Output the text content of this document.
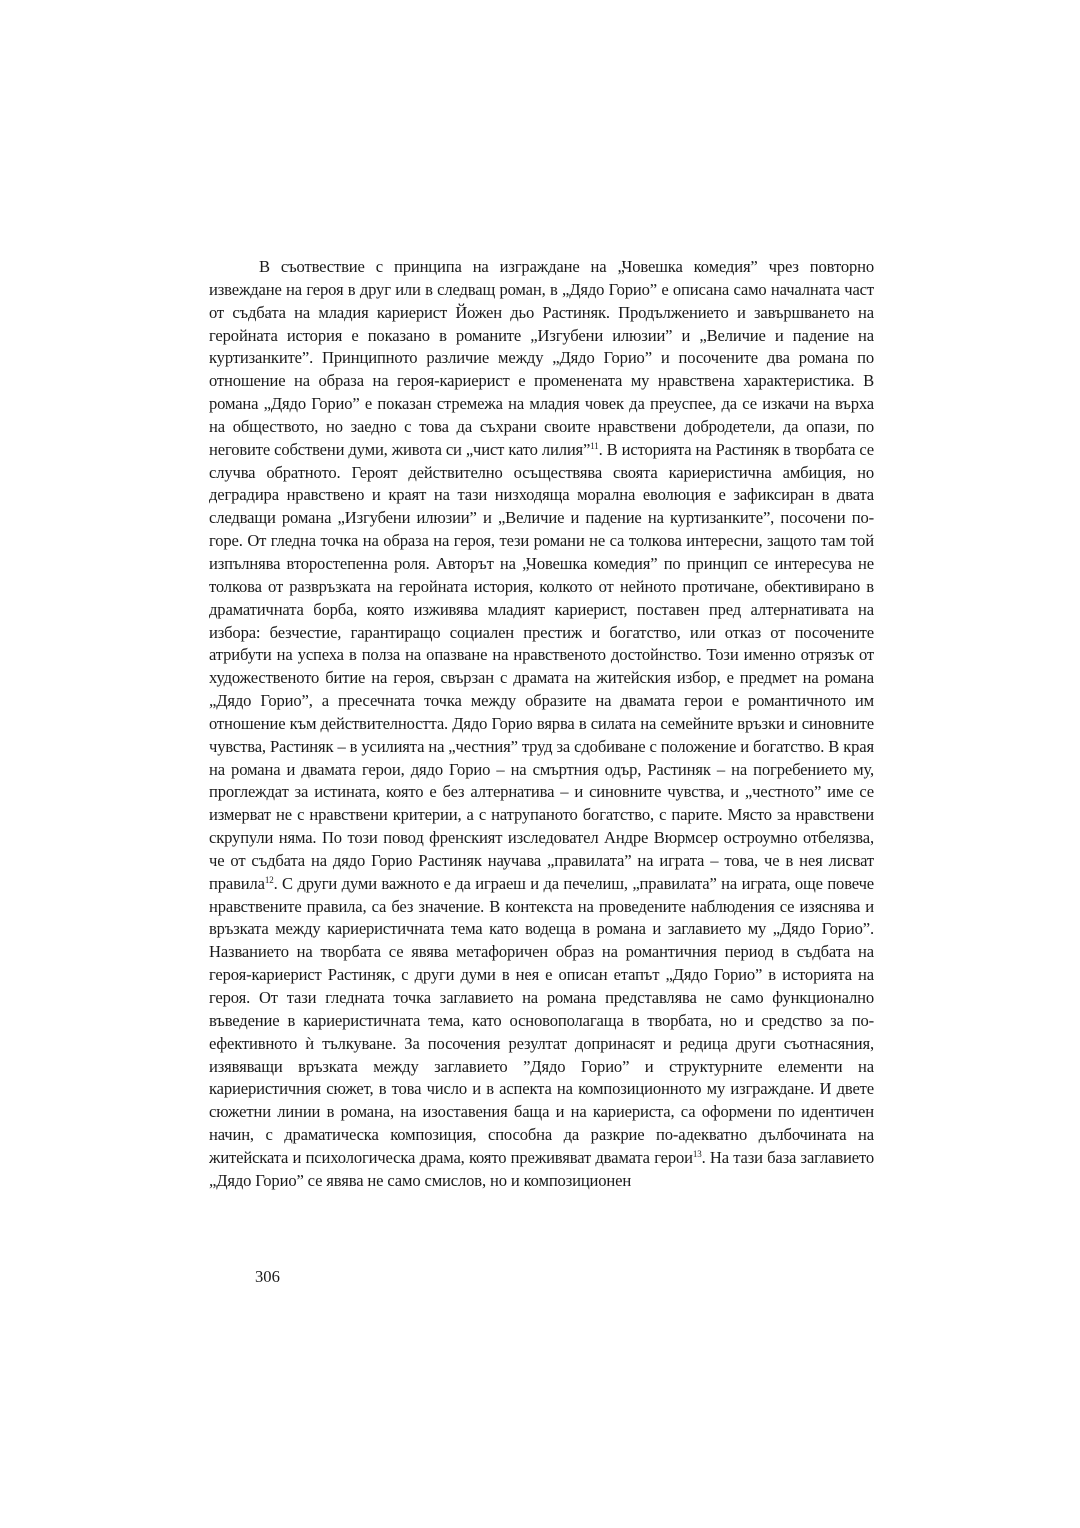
В съотвествие с принципа на изграждане на „Човешка комедия” чрез повторно извеждане на героя в друг или в следващ роман, в „Дядо Горио” е описана само началната част от съдбата на младия кариерист Йожен дьо Растиняк. Продължението и завършването на геройната история е показано в романите „Изгубени илюзии” и „Величие и падение на куртизанките”. Принципното различие между „Дядо Горио” и посочените два романа по отношение на образа на героя-кариерист е променената му нравствена характеристика. В романа „Дядо Горио” е показан стремежа на младия човек да преуспее, да се изкачи на върха на обществото, но заедно с това да съхрани своите нравствени добродетели, да опази, по неговите собствени думи, живота си „чист като лилия”$^{11}$. В историята на Растиняк в творбата се случва обратното. Героят действително осъществява своята кариеристична амбиция, но деградира нравствено и краят на тази низходяща морална еволюция е зафиксиран в двата следващи романа „Изгубени илюзии” и „Величие и падение на куртизанките”, посочени по-горе. От гледна точка на образа на героя, тези романи не са толкова интересни, защото там той изпълнява второстепенна роля. Авторът на „Човешка комедия” по принцип се интересува не толкова от развръзката на геройната история, колкото от нейното протичане, обективирано в драматичната борба, която изживява младият кариерист, поставен пред алтернативата на избора: безчестие, гарантиращо социален престиж и богатство, или отказ от посочените атрибути на успеха в полза на опазване на нравственото достойнство. Този именно отрязък от художественото битие на героя, свързан с драмата на житейския избор, е предмет на романа „Дядо Горио”, а пресечната точка между образите на двамата герои е романтичното им отношение към действителността. Дядо Горио вярва в силата на семейните връзки и синовните чувства, Растиняк – в усилията на „честния” труд за сдобиване с положение и богатство. В края на романа и двамата герои, дядо Горио – на смъртния одър, Растиняк – на погребението му, проглеждат за истината, която е без алтернатива – и синовните чувства, и „честното” име се измерват не с нравствени критерии, а с натрупаното богатство, с парите. Място за нравствени скрупули няма. По този повод френският изследовател Андре Вюрмсер остроумно отбелязва, че от съдбата на дядо Горио Растиняк научава „правилата” на играта – това, че в нея лисват правила$^{12}$. С други думи важното е да играеш и да печелиш, „правилата” на играта, още повече нравствените правила, са без значение. В контекста на проведените наблюдения се изяснява и връзката между кариеристичната тема като водеща в романа и заглавието му „Дядо Горио”. Названието на творбата се явява метафоричен образ на романтичния период в съдбата на героя-кариерист Растиняк, с други думи в нея е описан етапът „Дядо Горио” в историята на героя. От тази гледната точка заглавието на романа представлява не само функционално въведение в кариеристичната тема, като основополагаща в творбата, но и средство за по-ефективното ѝ тълкуване. За посочения резултат допринасят и редица други съотнасяния, изявяващи връзката между заглавието ”Дядо Горио” и структурните елементи на кариеристичния сюжет, в това число и в аспекта на композиционното му изграждане. И двете сюжетни линии в романа, на изоставения баща и на кариериста, са оформени по идентичен начин, с драматическа композиция, способна да разкрие по-адекватно дълбочината на житейската и психологическа драма, която преживяват двамата герои$^{13}$. На тази база заглавието „Дядо Горио” се явява не само смислов, но и композиционен

306
